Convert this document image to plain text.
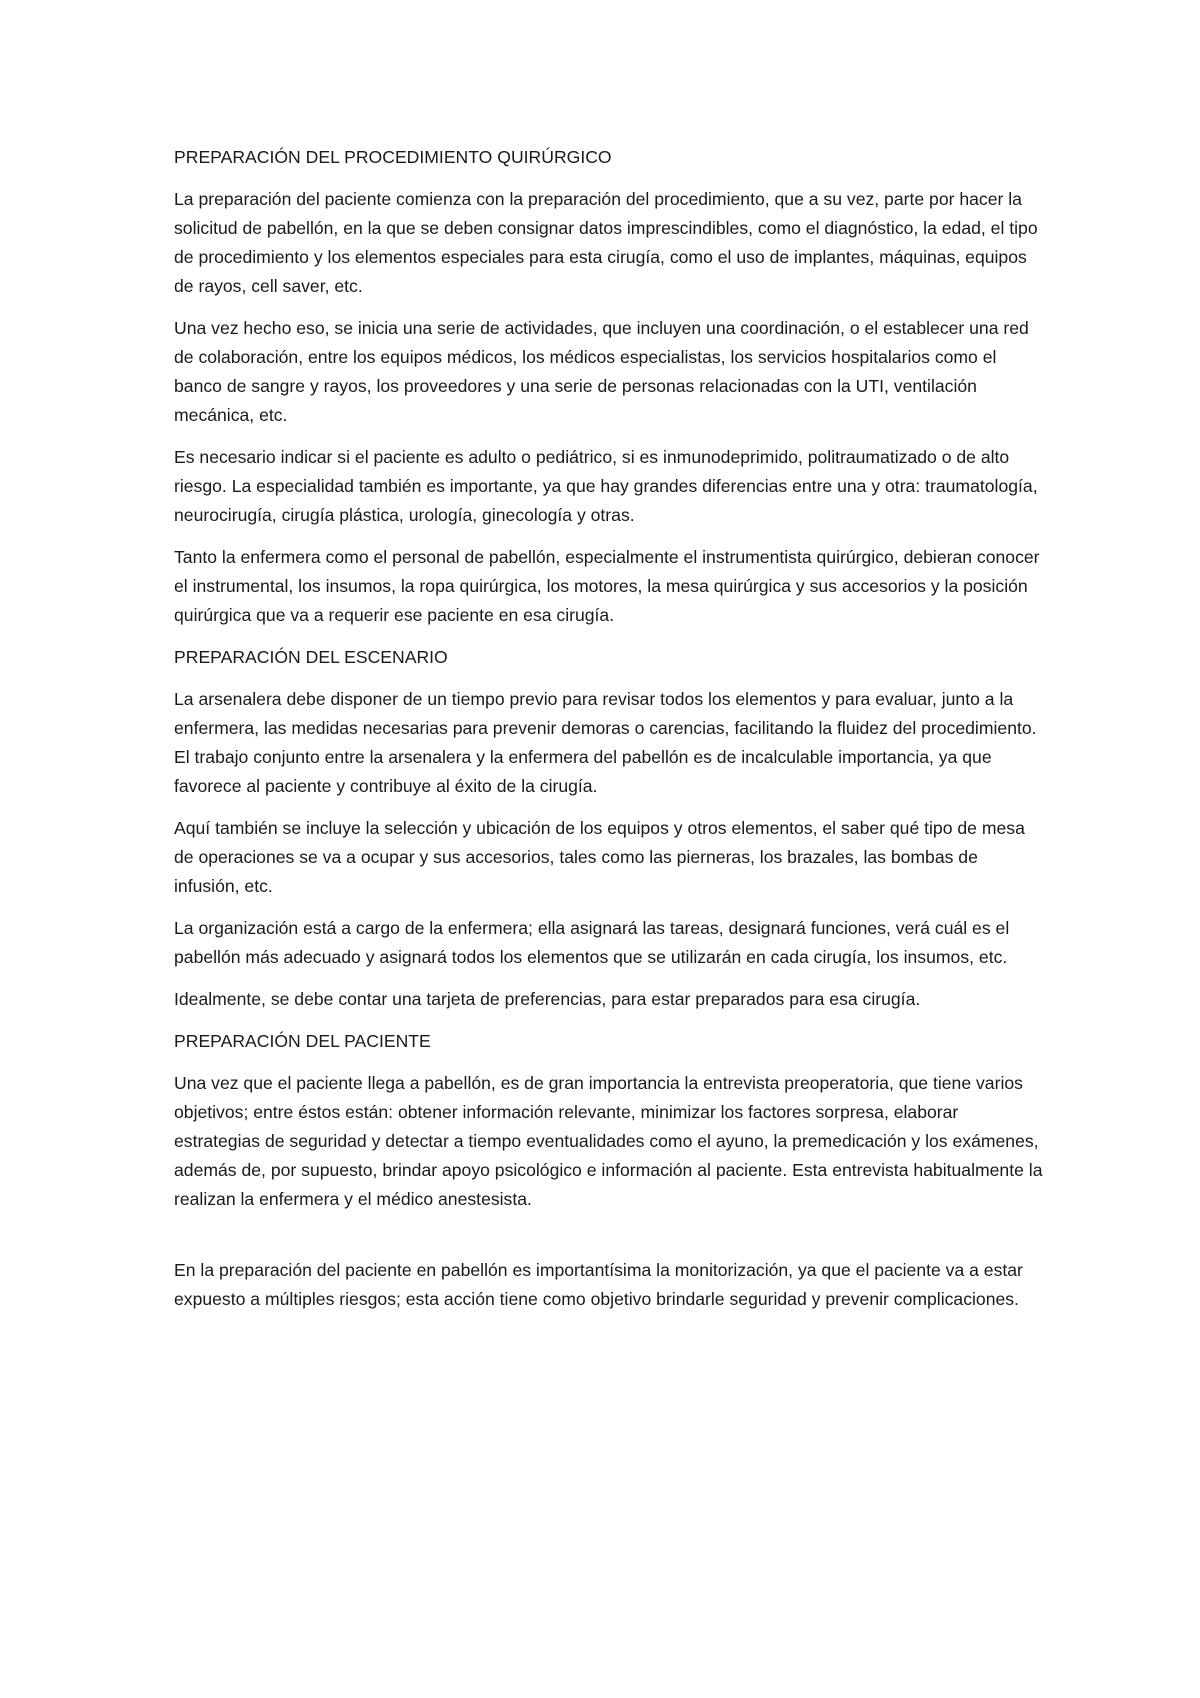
PREPARACIÓN DEL PROCEDIMIENTO QUIRÚRGICO

La preparación del paciente comienza con la preparación del procedimiento, que a su vez, parte por hacer la solicitud de pabellón, en la que se deben consignar datos imprescindibles, como el diagnóstico, la edad, el tipo de procedimiento y los elementos especiales para esta cirugía, como el uso de implantes, máquinas, equipos de rayos, cell saver, etc.

Una vez hecho eso, se inicia una serie de actividades, que incluyen una coordinación, o el establecer una red de colaboración, entre los equipos médicos, los médicos especialistas, los servicios hospitalarios como el banco de sangre y rayos, los proveedores y una serie de personas relacionadas con la UTI, ventilación mecánica, etc.

Es necesario indicar si el paciente es adulto o pediátrico, si es inmunodeprimido, politraumatizado o de alto riesgo. La especialidad también es importante, ya que hay grandes diferencias entre una y otra: traumatología, neurocirugía, cirugía plástica, urología, ginecología y otras.

Tanto la enfermera como el personal de pabellón, especialmente el instrumentista quirúrgico, debieran conocer el instrumental, los insumos, la ropa quirúrgica, los motores, la mesa quirúrgica y sus accesorios y la posición quirúrgica que va a requerir ese paciente en esa cirugía.

PREPARACIÓN DEL ESCENARIO

La arsenalera debe disponer de un tiempo previo para revisar todos los elementos y para evaluar, junto a la enfermera, las medidas necesarias para prevenir demoras o carencias, facilitando la fluidez del procedimiento. El trabajo conjunto entre la arsenalera y la enfermera del pabellón es de incalculable importancia, ya que favorece al paciente y contribuye al éxito de la cirugía.

Aquí también se incluye la selección y ubicación de los equipos y otros elementos, el saber qué tipo de mesa de operaciones se va a ocupar y sus accesorios, tales como las pierneras, los brazales, las bombas de infusión, etc.

La organización está a cargo de la enfermera; ella asignará las tareas, designará funciones, verá cuál es el pabellón más adecuado y asignará todos los elementos que se utilizarán en cada cirugía, los insumos, etc.

Idealmente, se debe contar una tarjeta de preferencias, para estar preparados para esa cirugía.

PREPARACIÓN DEL PACIENTE

Una vez que el paciente llega a pabellón, es de gran importancia la entrevista preoperatoria, que tiene varios objetivos; entre éstos están: obtener información relevante, minimizar los factores sorpresa, elaborar estrategias de seguridad y detectar a tiempo eventualidades como el ayuno, la premedicación y los exámenes, además de, por supuesto, brindar apoyo psicológico e información al paciente. Esta entrevista habitualmente la realizan la enfermera y el médico anestesista.

En la preparación del paciente en pabellón es importantísima la monitorización, ya que el paciente va a estar expuesto a múltiples riesgos; esta acción tiene como objetivo brindarle seguridad y prevenir complicaciones.
